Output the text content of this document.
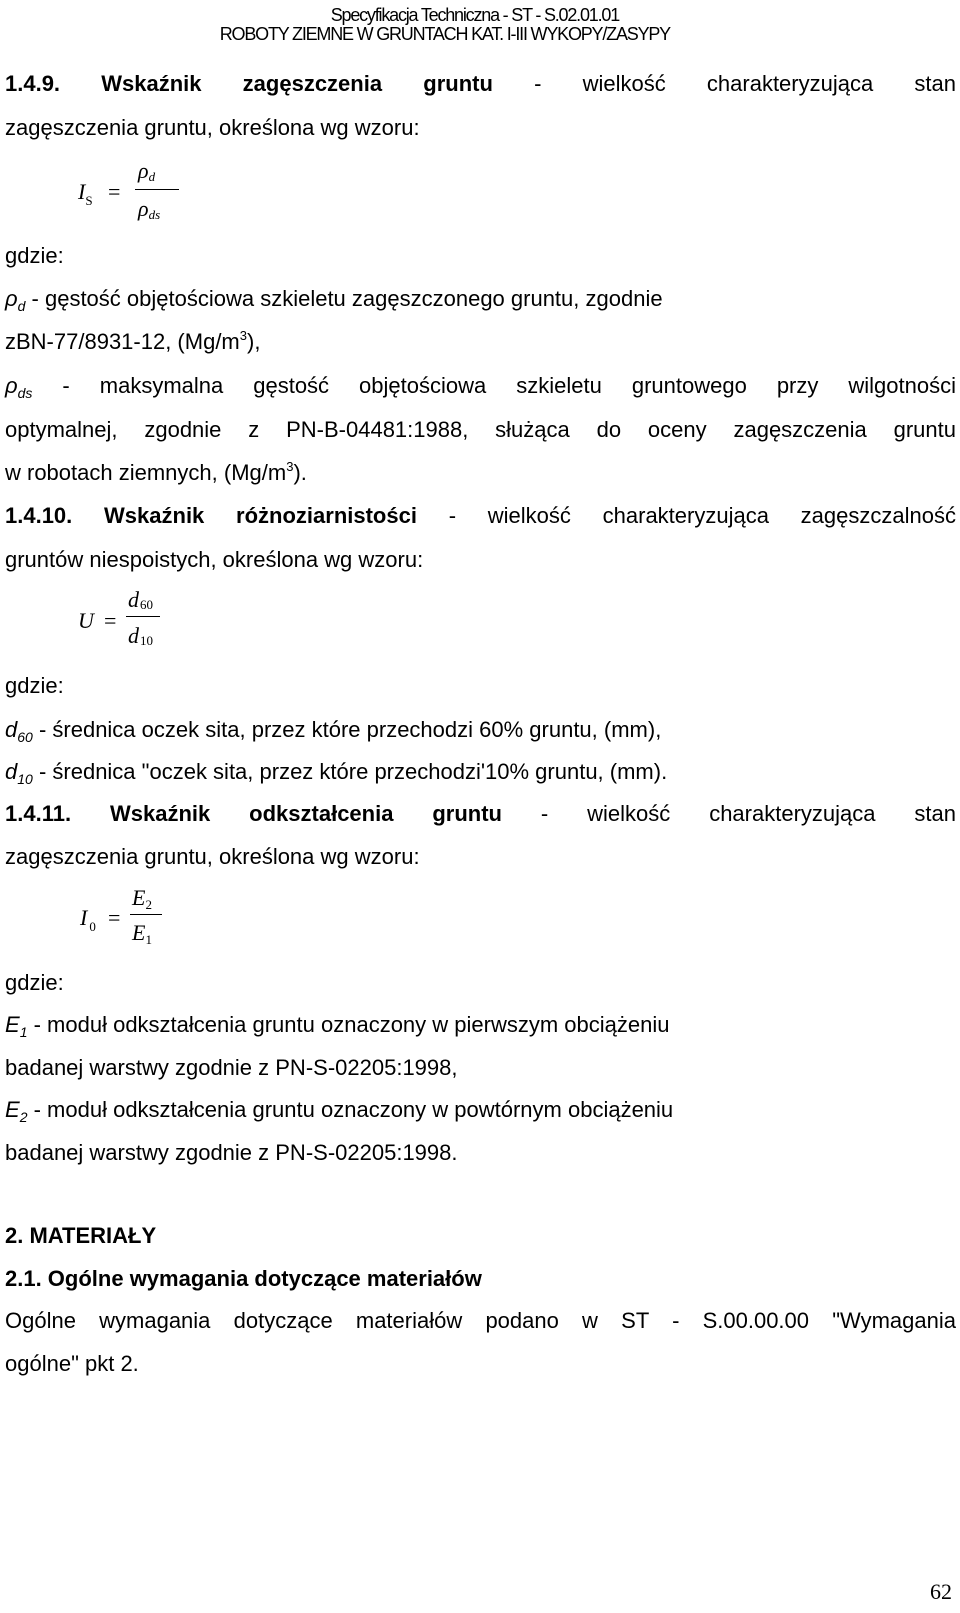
Specyfikacja Techniczna - ST - S.02.01.01
ROBOTY ZIEMNE W GRUNTACH KAT. I-III WYKOPY/ZASYPY
1.4.9. Wskaźnik zagęszczenia gruntu - wielkość charakteryzująca stan
zagęszczenia gruntu, określona wg wzoru:
$I_S$ =
ρd
ρds
gdzie:
$\rho_d$ - gęstość objętościowa szkieletu zagęszczonego gruntu, zgodnie
zBN-77/8931-12, $(Mg/m^3)$,
$\rho_{ds}$ - maksymalna gęstość objętościowa szkieletu gruntowego przy wilgotności
optymalnej, zgodnie z PN-B-04481:1988, służąca do oceny zagęszczenia gruntu
w robotach ziemnych, $(Mg/m^3)$.
1.4.10. Wskaźnik różnoziarnistości - wielkość charakteryzująca zagęszczalność
gruntów niespoistych, określona wg wzoru:
U =
d60
d10
gdzie:
$d_{60}$ - średnica oczek sita, przez które przechodzi 60% gruntu, (mm),
$d_{10}$ - średnica "oczek sita, przez które przechodzi'10% gruntu, (mm).
1.4.11. Wskaźnik odkształcenia gruntu - wielkość charakteryzująca stan
zagęszczenia gruntu, określona wg wzoru:
I $_0$ =
E2
E1
gdzie:
$E_1$ - moduł odkształcenia gruntu oznaczony w pierwszym obciążeniu
badanej warstwy zgodnie z PN-S-02205:1998,
$E_2$ - moduł odkształcenia gruntu oznaczony w powtórnym obciążeniu
badanej warstwy zgodnie z PN-S-02205:1998.
2. MATERIAŁY
2.1. Ogólne wymagania dotyczące materiałów
Ogólne wymagania dotyczące materiałów podano w ST - S.00.00.00 "Wymagania
ogólne" pkt 2.
62
